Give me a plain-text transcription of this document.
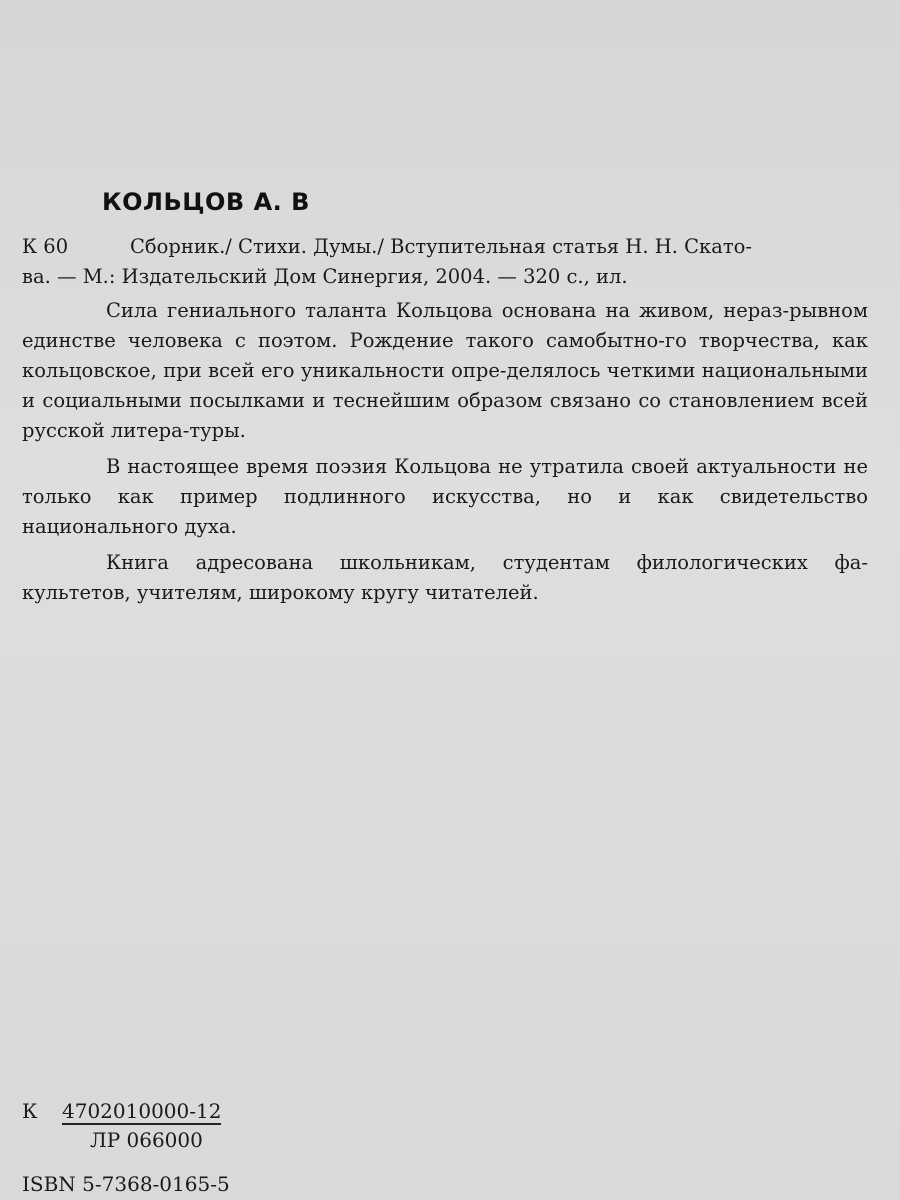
КОЛЬЦОВ А. В
К 60	Сборник./ Стихи. Думы./ Вступительная статья Н. Н. Скато-
ва. — М.: Издательский Дом Синергия, 2004. — 320 с., ил.

Сила гениального таланта Кольцова основана на живом, нераз-рывном единстве человека с поэтом. Рождение такого самобытно-го творчества, как кольцовское, при всей его уникальности опре-делялось четкими национальными и социальными посылками и теснейшим образом связано со становлением всей русской литера-туры.

В настоящее время поэзия Кольцова не утратила своей актуальности не только как пример подлинного искусства, но и как свидетельство национального духа.

Книга адресована школьникам, студентам филологических фа-культетов, учителям, широкому кругу читателей.

К 4702010000-12
ЛР 066000
ISBN 5-7368-0165-5
